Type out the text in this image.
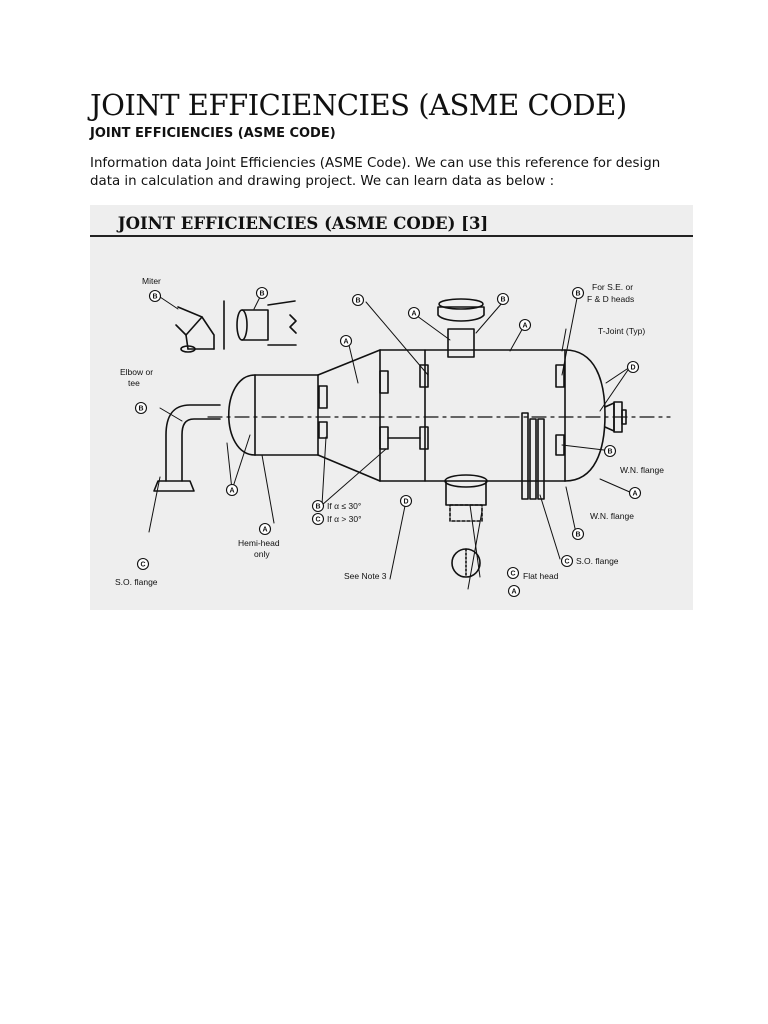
JOINT EFFICIENCIES (ASME CODE)
JOINT EFFICIENCIES (ASME CODE)

Information data Joint Efficiencies (ASME Code). We can use this reference for design data in calculation and drawing project. We can learn data as below :

JOINT EFFICIENCIES (ASME CODE) [3]
B	B
B
C
A
A
B
C
A
B
A
B
A
B
D
B
A
B
C
D
C
A
Miter
Elbow or
tee
S.O. flange
Hemi-head
only
If α ≤ 30°
If α > 30°
See Note 3	Flat head
S.O. flange
W.N. flange
W.N. flange
T-Joint (Typ)
For S.E. or
F & D heads
